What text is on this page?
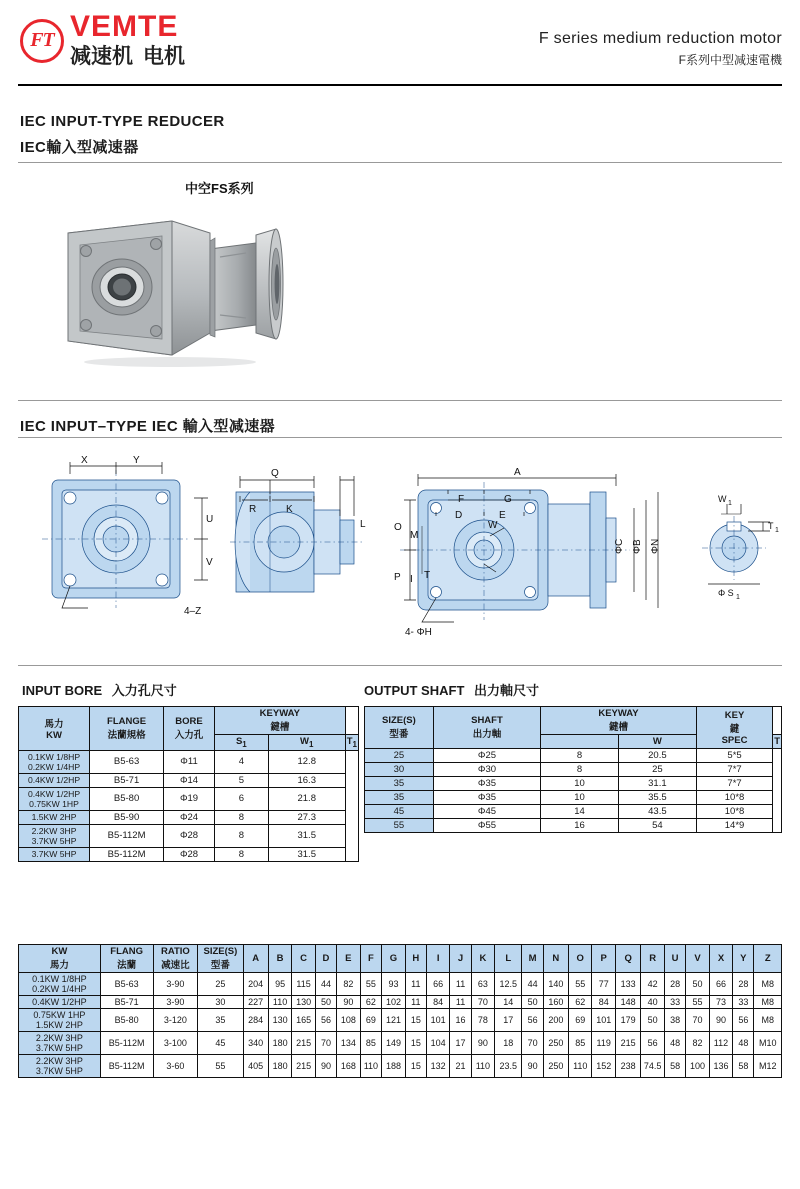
FT VEMTE
减速机 电机
F series medium reduction motor
F系列中型减速電機
IEC INPUT-TYPE REDUCER
IEC輸入型减速器
中空FS系列
IEC INPUT–TYPE IEC 輸入型减速器
X	Y
U
V
4–Z
Q
R	K
L
A
F	G
D	E
O
M
P I T
W
4- ΦH
ΦC ΦB ΦN
W 1
T 1
Φ S 1
INPUT BORE 入力孔尺寸	OUTPUT SHAFT 出力軸尺寸
馬力
KW

FLANGE
法蘭規格

BORE
入力孔

KEYWAY
鍵槽

			$S_1$	$W_1$	$T_1$

0.1KW 1/8HP
0.2KW 1/4HP	B5-63	Φ11	4	12.8	

0.4KW 1/2HP	B5-71	Φ14	5	16.3	

0.4KW 1/2HP
0.75KW 1HP	B5-80	Φ19	6	21.8	

1.5KW 2HP	B5-90	Φ24	8	27.3	

2.2KW 3HP
3.7KW 5HP	B5-112M	Φ28	8	31.5	

3.7KW 5HP	B5-112M	Φ28	8	31.5	
SIZE(S)
型番

SHAFT
出力軸

KEYWAY
鍵槽

KEY
鍵
SPEC

			W		T
25	Φ25	8	20.5	5*5	
30	Φ30	8	25	7*7	
35	Φ35	10	31.1	7*7	
35	Φ35	10	35.5	10*8	
45	Φ45	14	43.5	10*8	
55	Φ55	16	54	14*9	
KW
馬力

FLANG
法蘭

RATIO
减速比

SIZE(S)
型番
	A	B	C	D	E	F	G	H	I	J	K	L	M	N	O	P	Q	R	U	V	X	Y	Z

0.1KW 1/8HP
0.2KW 1/4HP	B5-63	3-90	25	204	95	115	44	82	55	93	11	66	11	63	12.5	44	140	55	77	133	42	28	50	66	28	M8

0.4KW 1/2HP	B5-71	3-90	30	227	110	130	50	90	62	102	11	84	11	70	14	50	160	62	84	148	40	33	55	73	33	M8

0.75KW 1HP
1.5KW 2HP	B5-80	3-120	35	284	130	165	56	108	69	121	15	101	16	78	17	56	200	69	101	179	50	38	70	90	56	M8

2.2KW 3HP
3.7KW 5HP	B5-112M	3-100	45	340	180	215	70	134	85	149	15	104	17	90	18	70	250	85	119	215	56	48	82	112	48	M10

2.2KW 3HP
3.7KW 5HP	B5-112M	3-60	55	405	180	215	90	168	110	188	15	132	21	110	23.5	90	250	110	152	238	74.5	58	100	136	58	M12
